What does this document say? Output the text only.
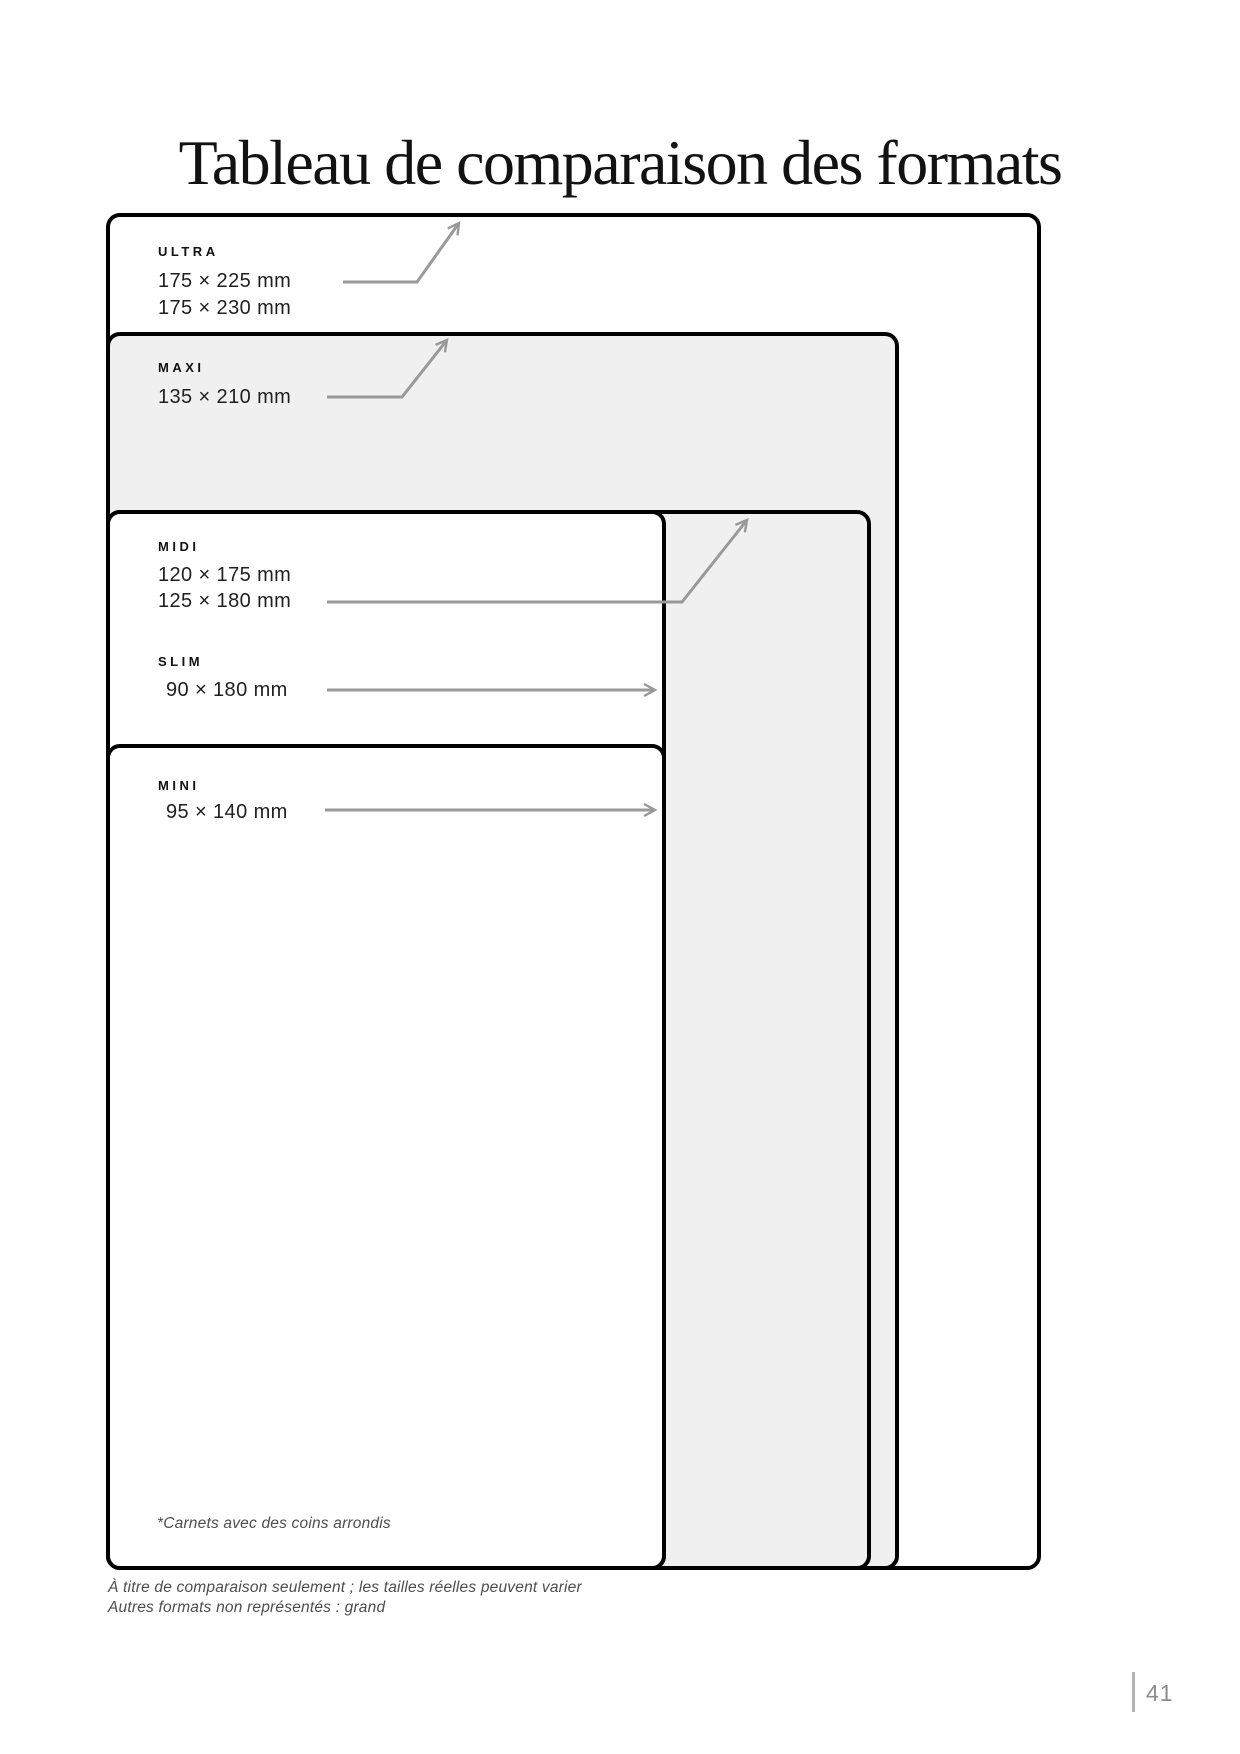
Tableau de comparaison des formats
ULTRA
175 × 225 mm
175 × 230 mm
MAXI
135 × 210 mm
MIDI
120 × 175 mm
125 × 180 mm
SLIM
90 × 180 mm
MINI
95 × 140 mm
*Carnets avec des coins arrondis
À titre de comparaison seulement ; les tailles réelles peuvent varier
Autres formats non représentés : grand
41
